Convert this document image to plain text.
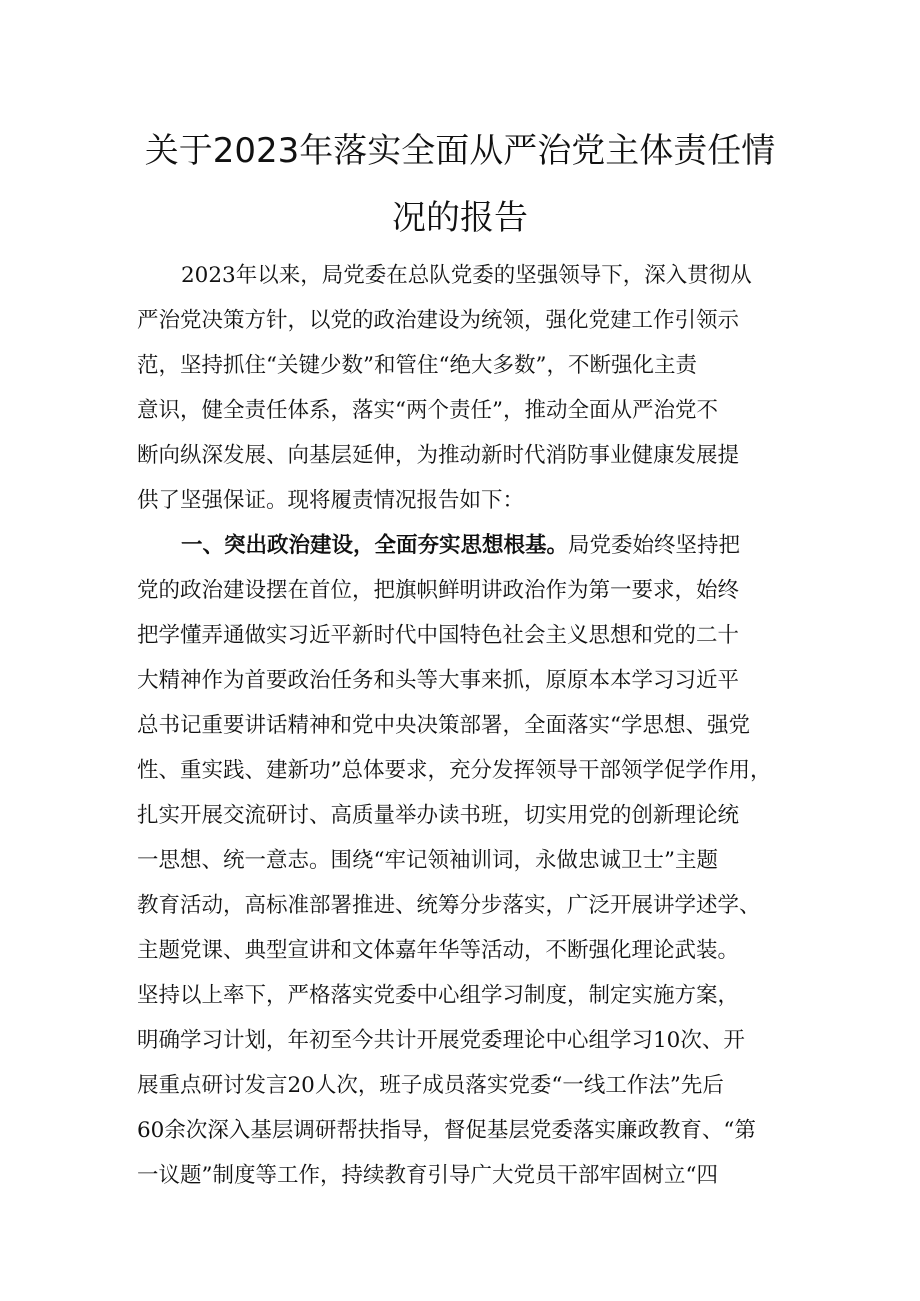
关于2023年落实全面从严治党主体责任情
况的报告
2023年以来，局党委在总队党委的坚强领导下，深入贯彻从
严治党决策方针，以党的政治建设为统领，强化党建工作引领示
范，坚持抓住“关键少数”和管住“绝大多数”，不断强化主责
意识，健全责任体系，落实“两个责任”，推动全面从严治党不
断向纵深发展、向基层延伸，为推动新时代消防事业健康发展提
供了坚强保证。现将履责情况报告如下：
一、突出政治建设，全面夯实思想根基。局党委始终坚持把
党的政治建设摆在首位，把旗帜鲜明讲政治作为第一要求，始终
把学懂弄通做实习近平新时代中国特色社会主义思想和党的二十
大精神作为首要政治任务和头等大事来抓，原原本本学习习近平
总书记重要讲话精神和党中央决策部署，全面落实“学思想、强党
性、重实践、建新功”总体要求，充分发挥领导干部领学促学作用，
扎实开展交流研讨、高质量举办读书班，切实用党的创新理论统
一思想、统一意志。围绕“牢记领袖训词，永做忠诚卫士”主题
教育活动，高标准部署推进、统筹分步落实，广泛开展讲学述学、
主题党课、典型宣讲和文体嘉年华等活动，不断强化理论武装。
坚持以上率下，严格落实党委中心组学习制度，制定实施方案，
明确学习计划，年初至今共计开展党委理论中心组学习10次、开
展重点研讨发言20人次，班子成员落实党委“一线工作法”先后
60余次深入基层调研帮扶指导，督促基层党委落实廉政教育、“第
一议题”制度等工作，持续教育引导广大党员干部牢固树立“四
